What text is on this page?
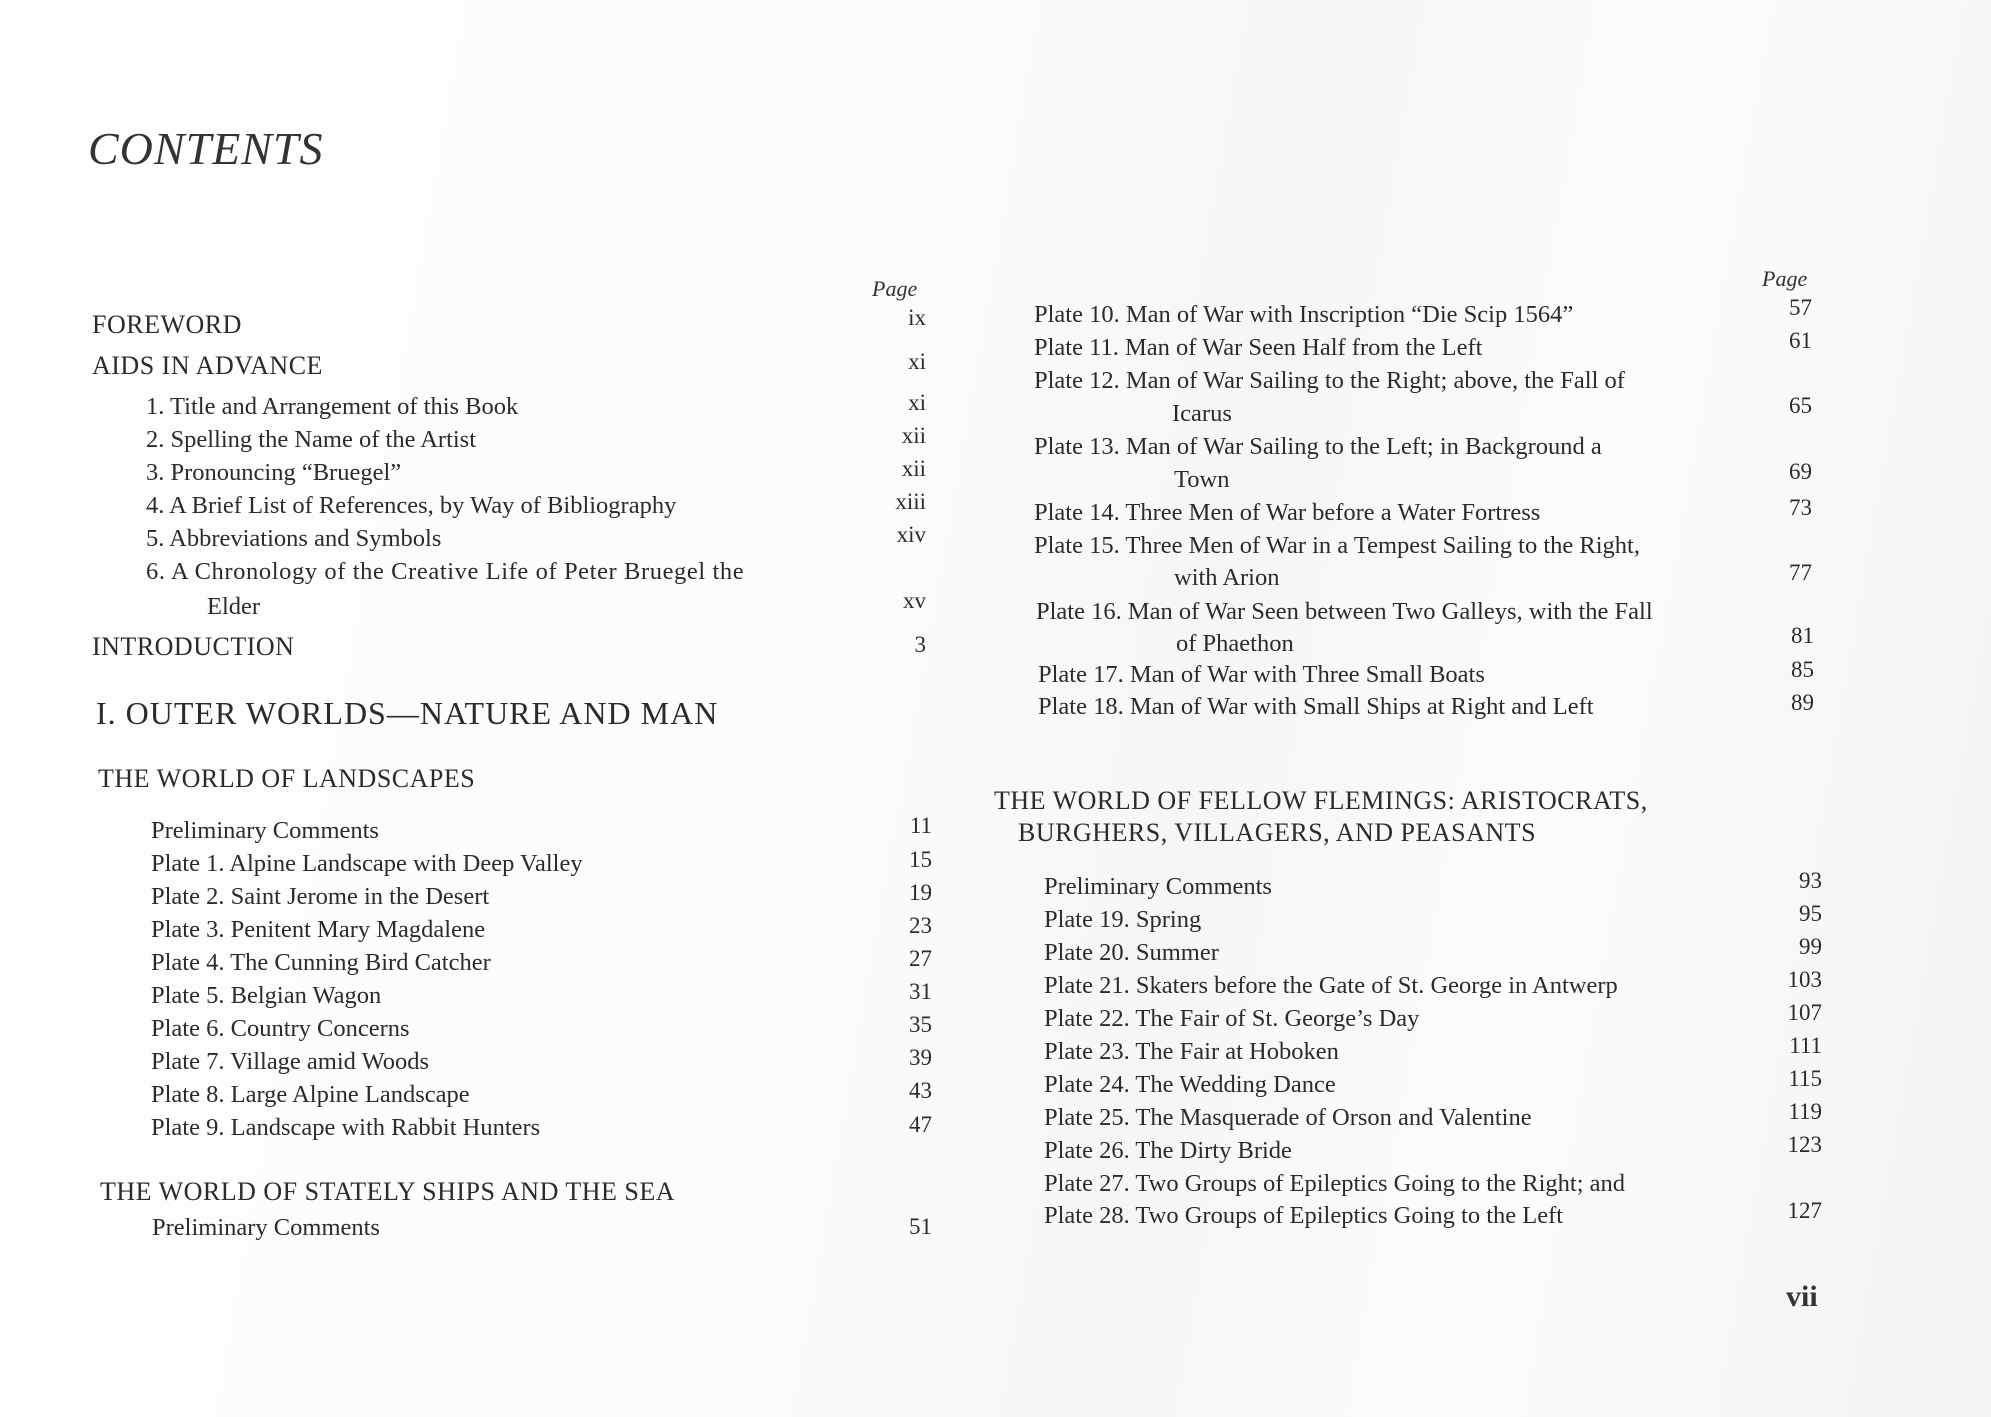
CONTENTS
Page
FOREWORD	ix
AIDS IN ADVANCE	xi
1. Title and Arrangement of this Book	xi
2. Spelling the Name of the Artist	xii
3. Pronouncing “Bruegel”	xii
4. A Brief List of References, by Way of Bibliography	xiii
5. Abbreviations and Symbols	xiv
6. A Chronology of the Creative Life of Peter Bruegel the
Elder	xv
INTRODUCTION	3
I. OUTER WORLDS—NATURE AND MAN
THE WORLD OF LANDSCAPES
Preliminary Comments	11
Plate 1. Alpine Landscape with Deep Valley	15
Plate 2. Saint Jerome in the Desert	19
Plate 3. Penitent Mary Magdalene	23
Plate 4. The Cunning Bird Catcher	27
Plate 5. Belgian Wagon	31
Plate 6. Country Concerns	35
Plate 7. Village amid Woods	39
Plate 8. Large Alpine Landscape	43
Plate 9. Landscape with Rabbit Hunters	47
THE WORLD OF STATELY SHIPS AND THE SEA
Preliminary Comments	51
Page
Plate 10. Man of War with Inscription “Die Scip 1564”	57
Plate 11. Man of War Seen Half from the Left	61
Plate 12. Man of War Sailing to the Right; above, the Fall of
Icarus	65
Plate 13. Man of War Sailing to the Left; in Background a
Town	69
Plate 14. Three Men of War before a Water Fortress	73
Plate 15. Three Men of War in a Tempest Sailing to the Right,
with Arion	77
Plate 16. Man of War Seen between Two Galleys, with the Fall
of Phaethon	81
Plate 17. Man of War with Three Small Boats	85
Plate 18. Man of War with Small Ships at Right and Left	89
THE WORLD OF FELLOW FLEMINGS: ARISTOCRATS,
BURGHERS, VILLAGERS, AND PEASANTS
Preliminary Comments	93
Plate 19. Spring	95
Plate 20. Summer	99
Plate 21. Skaters before the Gate of St. George in Antwerp	103
Plate 22. The Fair of St. George’s Day	107
Plate 23. The Fair at Hoboken	111
Plate 24. The Wedding Dance	115
Plate 25. The Masquerade of Orson and Valentine	119
Plate 26. The Dirty Bride	123
Plate 27. Two Groups of Epileptics Going to the Right; and
Plate 28. Two Groups of Epileptics Going to the Left	127
vii
